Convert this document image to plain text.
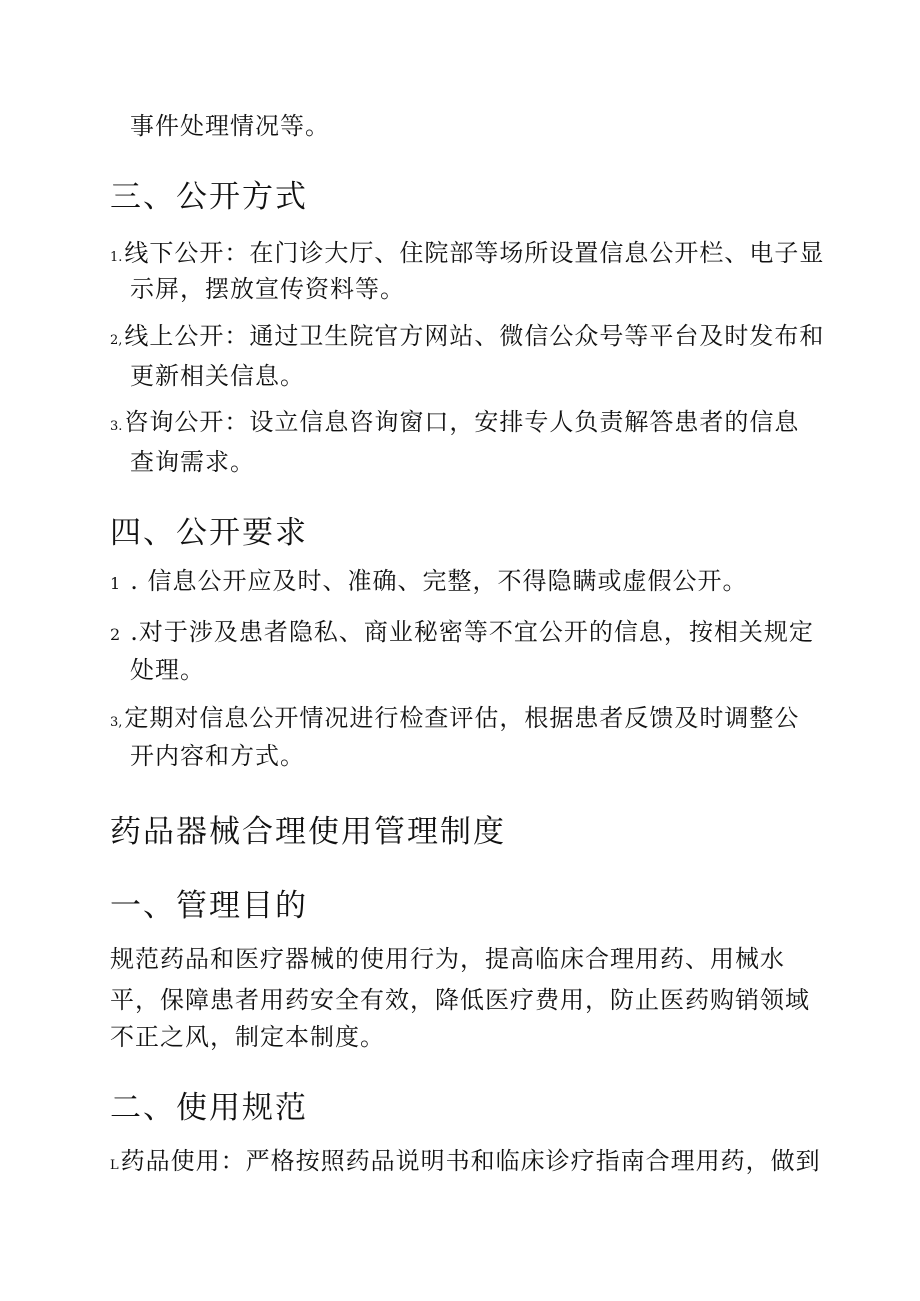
事件处理情况等。
三、公开方式
1.线下公开：在门诊大厅、住院部等场所设置信息公开栏、电子显
示屏，摆放宣传资料等。
2,线上公开：通过卫生院官方网站、微信公众号等平台及时发布和
更新相关信息。
3.咨询公开：设立信息咨询窗口，安排专人负责解答患者的信息
查询需求。
四、公开要求
1 . 信息公开应及时、准确、完整，不得隐瞒或虚假公开。
2 .对于涉及患者隐私、商业秘密等不宜公开的信息，按相关规定
处理。
3,定期对信息公开情况进行检查评估，根据患者反馈及时调整公
开内容和方式。
药品器械合理使用管理制度
一、管理目的
规范药品和医疗器械的使用行为，提高临床合理用药、用械水
平，保障患者用药安全有效，降低医疗费用，防止医药购销领域
不正之风，制定本制度。
二、使用规范
L药品使用：严格按照药品说明书和临床诊疗指南合理用药，做到
